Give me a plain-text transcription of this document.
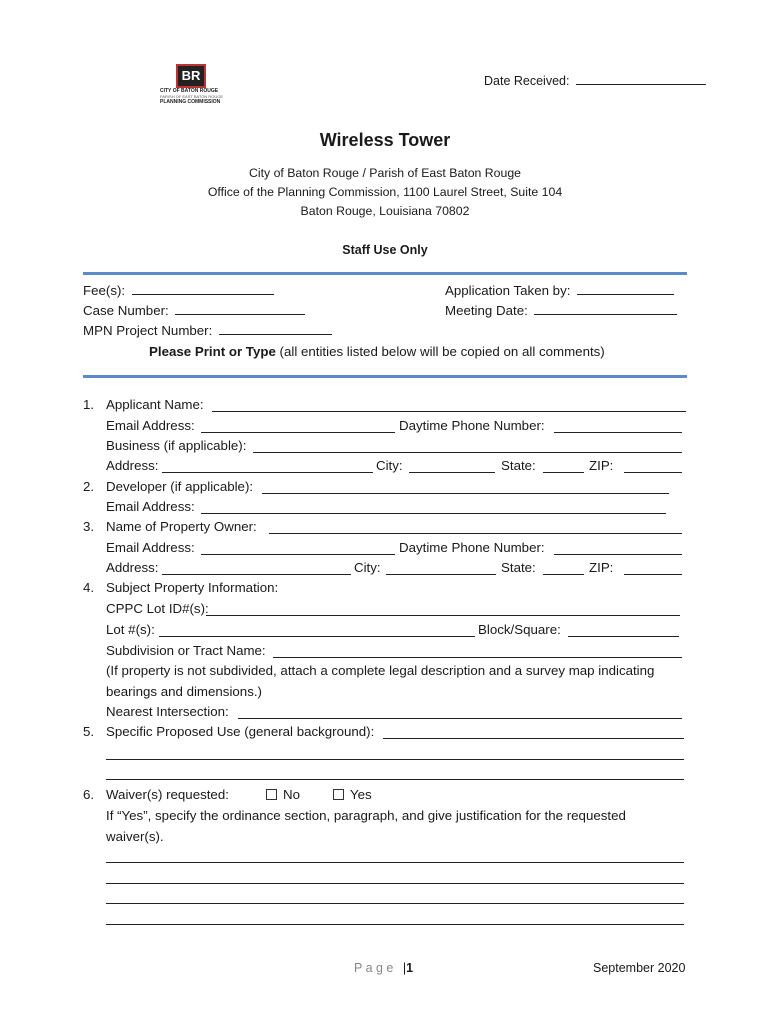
BR
CITY OF BATON ROUGE
PARISH OF EAST BATON ROUGE
PLANNING COMMISSION
Date Received:
Wireless Tower
City of Baton Rouge / Parish of East Baton Rouge
Office of the Planning Commission, 1100 Laurel Street, Suite 104
Baton Rouge, Louisiana 70802
Staff Use Only
Fee(s):
Case Number:
MPN Project Number:
Application Taken by:
Meeting Date:
Please Print or Type (all entities listed below will be copied on all comments)
1. Applicant Name:
Email Address:	Daytime Phone Number:
Business (if applicable):
Address:	City:	State:	ZIP:
2. Developer (if applicable):
Email Address:
3. Name of Property Owner:
Email Address:	Daytime Phone Number:
Address:	City:	State:	ZIP:
4. Subject Property Information:
CPPC Lot ID#(s):
Lot #(s):	Block/Square:
Subdivision or Tract Name:
(If property is not subdivided, attach a complete legal description and a survey map indicating
bearings and dimensions.)
Nearest Intersection:
5. Specific Proposed Use (general background):
6. Waiver(s) requested:	No	Yes
If “Yes”, specify the ordinance section, paragraph, and give justification for the requested
waiver(s).
P a g e |1	September 2020
